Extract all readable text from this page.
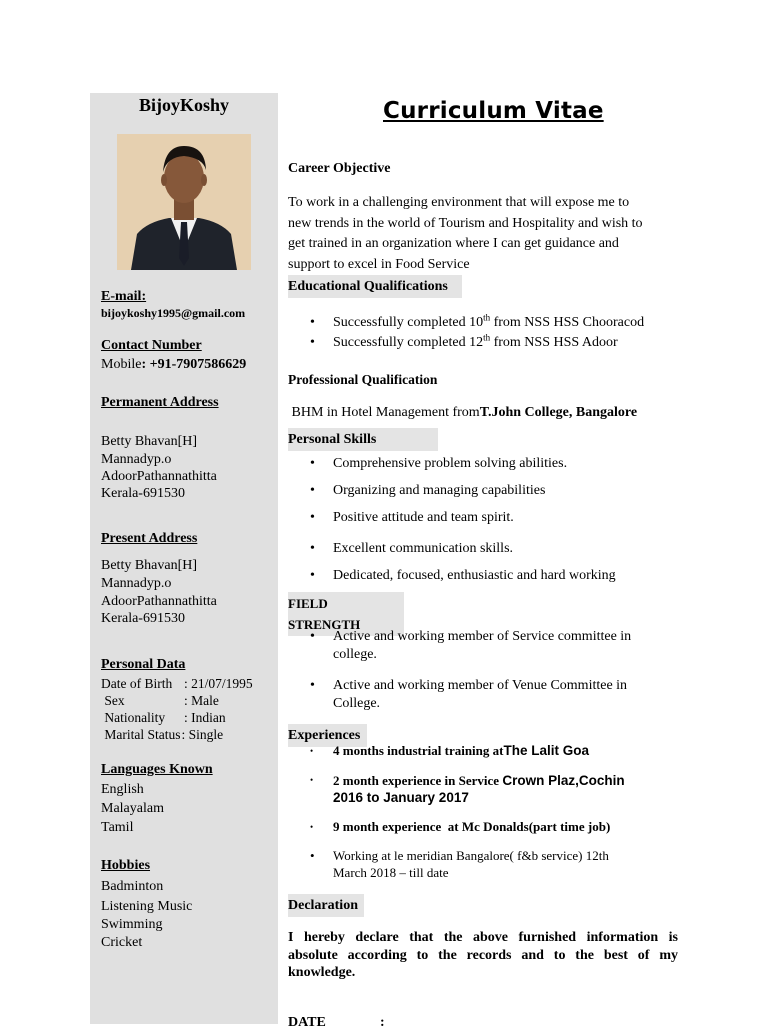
BijoyKoshy
E-mail:
bijoykoshy1995@gmail.com
Contact Number
Mobile: +91-7907586629
Permanent Address
Betty Bhavan[H]
Mannadyp.o
AdoorPathannathitta
Kerala-691530
Present Address
Betty Bhavan[H]
Mannadyp.o
AdoorPathannathitta
Kerala-691530
Personal Data
Date of Birth : 21/07/1995
Sex	: Male
Nationality	: Indian
Marital Status : Single
Languages Known
English
Malayalam
Tamil
Hobbies
Badminton
Listening Music
Swimming
Cricket
Curriculum Vitae
Career Objective
To work in a challenging environment that will expose me to
new trends in the world of Tourism and Hospitality and wish to
get trained in an organization where I can get guidance and
support to excel in Food Service
Educational Qualifications
• Successfully completed 10th from NSS HSS Chooracod
• Successfully completed 12th from NSS HSS Adoor
Professional Qualification
BHM in Hotel Management fromT.John College, Bangalore
Personal Skills
• Comprehensive problem solving abilities.
• Organizing and managing capabilities
• Positive attitude and team spirit.
• Excellent communication skills.
• Dedicated, focused, enthusiastic and hard working
FIELD STRENGTH
• Active and working member of Service committee in
college.
• Active and working member of Venue Committee in
College.
Experiences
• 4 months industrial training atThe Lalit Goa
• 2 month experience in Service Crown Plaz,Cochin
2016 to January 2017
• 9 month experience  at Mc Donalds(part time job)
• Working at le meridian Bangalore( f&b service) 12th
March 2018 – till date
Declaration
I hereby declare that the above furnished information is
absolute according to the records and to the best of my
knowledge.
DATE	:
